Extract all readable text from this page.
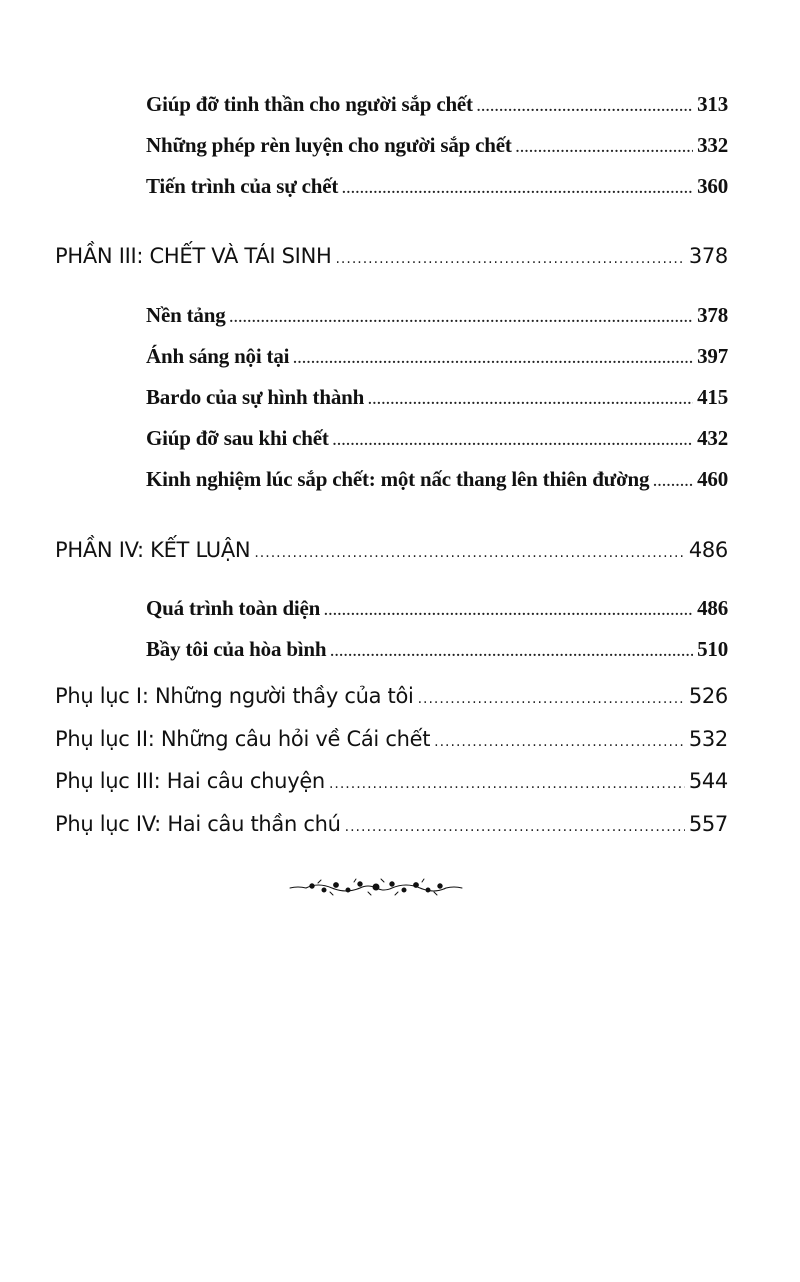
Giúp đỡ tinh thần cho người sắp chết .....	313
Những phép rèn luyện cho người sắp chết .....	332
Tiến trình của sự chết .....	360
PHẦN III: CHẾT VÀ TÁI SINH .....	378
Nền tảng .....	378
Ánh sáng nội tại .....	397
Bardo của sự hình thành .....	415
Giúp đỡ sau khi chết .....	432
Kinh nghiệm lúc sắp chết: một nấc thang lên thiên đường ..... 460
PHẦN IV: KẾT LUẬN .....	486
Quá trình toàn diện .....	486
Bầy tôi của hòa bình .....	510
Phụ lục I: Những người thầy của tôi .....	526
Phụ lục II: Những câu hỏi về Cái chết .....	532
Phụ lục III: Hai câu chuyện .....	544
Phụ lục IV: Hai câu thần chú .....	557
